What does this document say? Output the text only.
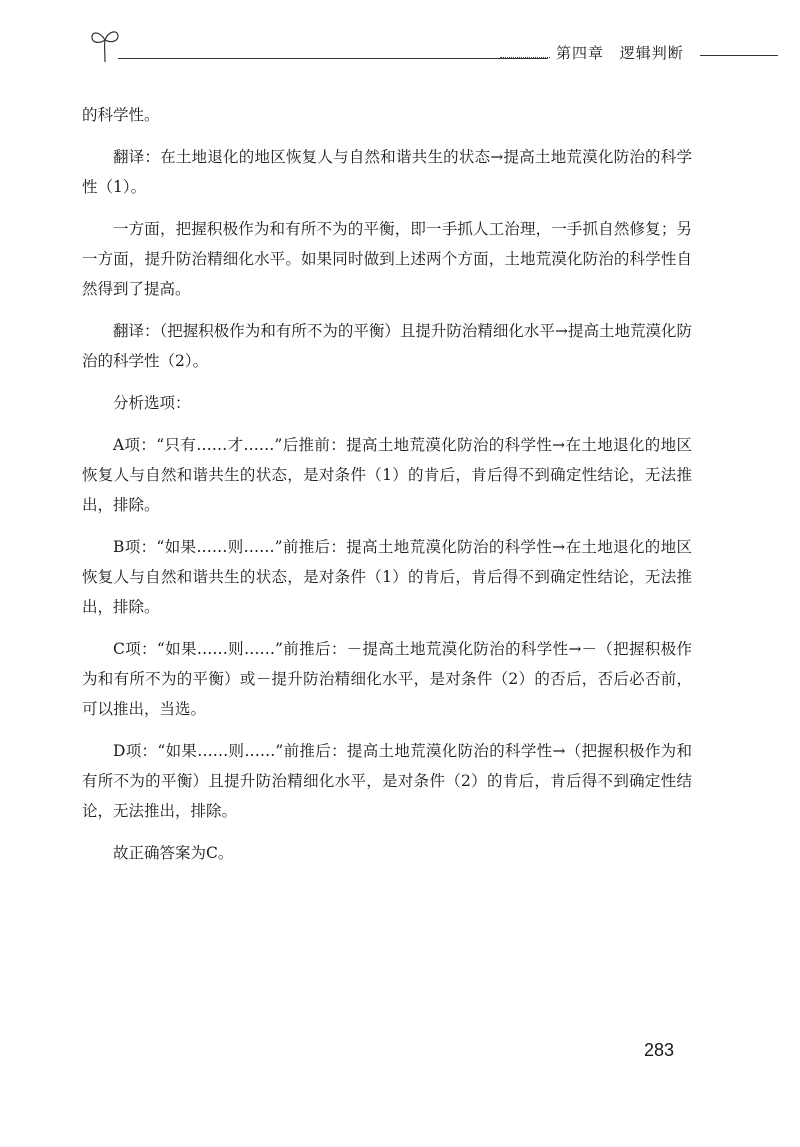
第四章 逻辑判断

的科学性。

翻译：在土地退化的地区恢复人与自然和谐共生的状态→提高土地荒漠化防治的科学性（1）。

一方面，把握积极作为和有所不为的平衡，即一手抓人工治理，一手抓自然修复；另一方面，提升防治精细化水平。如果同时做到上述两个方面，土地荒漠化防治的科学性自然得到了提高。

翻译：（把握积极作为和有所不为的平衡）且提升防治精细化水平→提高土地荒漠化防治的科学性（2）。

分析选项：

A项：“只有……才……”后推前：提高土地荒漠化防治的科学性→在土地退化的地区恢复人与自然和谐共生的状态，是对条件（1）的肯后，肯后得不到确定性结论，无法推出，排除。

B项：“如果……则……”前推后：提高土地荒漠化防治的科学性→在土地退化的地区恢复人与自然和谐共生的状态，是对条件（1）的肯后，肯后得不到确定性结论，无法推出，排除。

C项：“如果……则……”前推后：－提高土地荒漠化防治的科学性→－（把握积极作为和有所不为的平衡）或－提升防治精细化水平，是对条件（2）的否后，否后必否前，可以推出，当选。

D项：“如果……则……”前推后：提高土地荒漠化防治的科学性→（把握积极作为和有所不为的平衡）且提升防治精细化水平，是对条件（2）的肯后，肯后得不到确定性结论，无法推出，排除。

故正确答案为C。

283
